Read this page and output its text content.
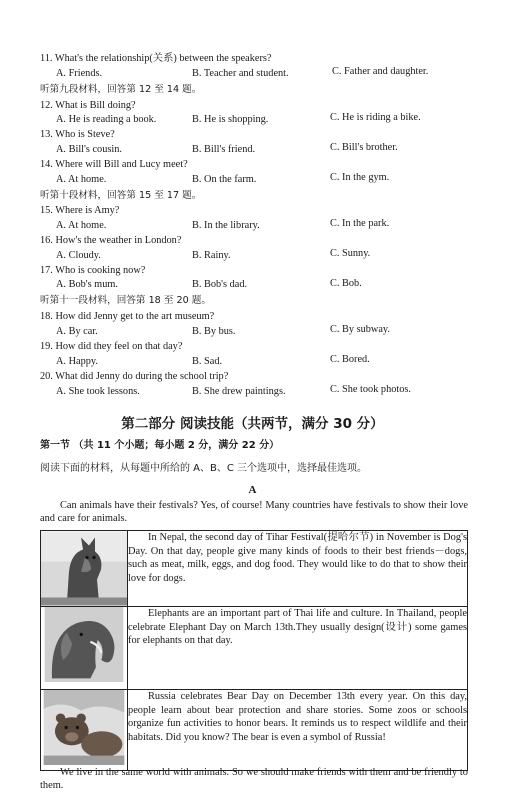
11. What's the relationship(关系) between the speakers?
A. Friends.	B. Teacher and student.	C. Father and daughter.
听第九段材料，回答第 12 至 14 题。
12. What is Bill doing?
A. He is reading a book.	B. He is shopping.	C. He is riding a bike.
13. Who is Steve?
A. Bill's cousin.	B. Bill's friend.	C. Bill's brother.
14. Where will Bill and Lucy meet?
A. At home.	B. On the farm.	C. In the gym.
听第十段材料，回答第 15 至 17 题。
15. Where is Amy?
A. At home.	B. In the library.	C. In the park.
16. How's the weather in London?
A. Cloudy.	B. Rainy.	C. Sunny.
17. Who is cooking now?
A. Bob's mum.	B. Bob's dad.	C. Bob.
听第十一段材料，回答第 18 至 20 题。
18. How did Jenny get to the art museum?
A. By car.	B. By bus.	C. By subway.
19. How did they feel on that day?
A. Happy.	B. Sad.	C. Bored.
20. What did Jenny do during the school trip?
A. She took lessons.	B. She drew paintings.	C. She took photos.
第二部分 阅读技能（共两节，满分 30 分）
第一节 （共 11 个小题；每小题 2 分，满分 22 分）
阅读下面的材料，从每题中所给的 A、B、C 三个选项中，选择最佳选项。
A
Can animals have their festivals? Yes, of course! Many countries have festivals to show their love and care for animals.
	In Nepal, the second day of Tihar Festival(提哈尔节) in November is Dog's Day. On that day, people give many kinds of foods to their best friends－dogs, such as meat, milk, eggs, and dog food. They would like to do that to show their love for dogs.

	Elephants are an important part of Thai life and culture. In Thailand, people celebrate Elephant Day on March 13th.They usually design(设计) some games for elephants on that day.

	Russia celebrates Bear Day on December 13th every year. On this day, people learn about bear protection and share stories. Some zoos or schools organize fun activities to honor bears. It reminds us to respect wildlife and their habitats. Did you know? The bear is even a symbol of Russia!
We live in the same world with animals. So we should make friends with them and be friendly to them.
